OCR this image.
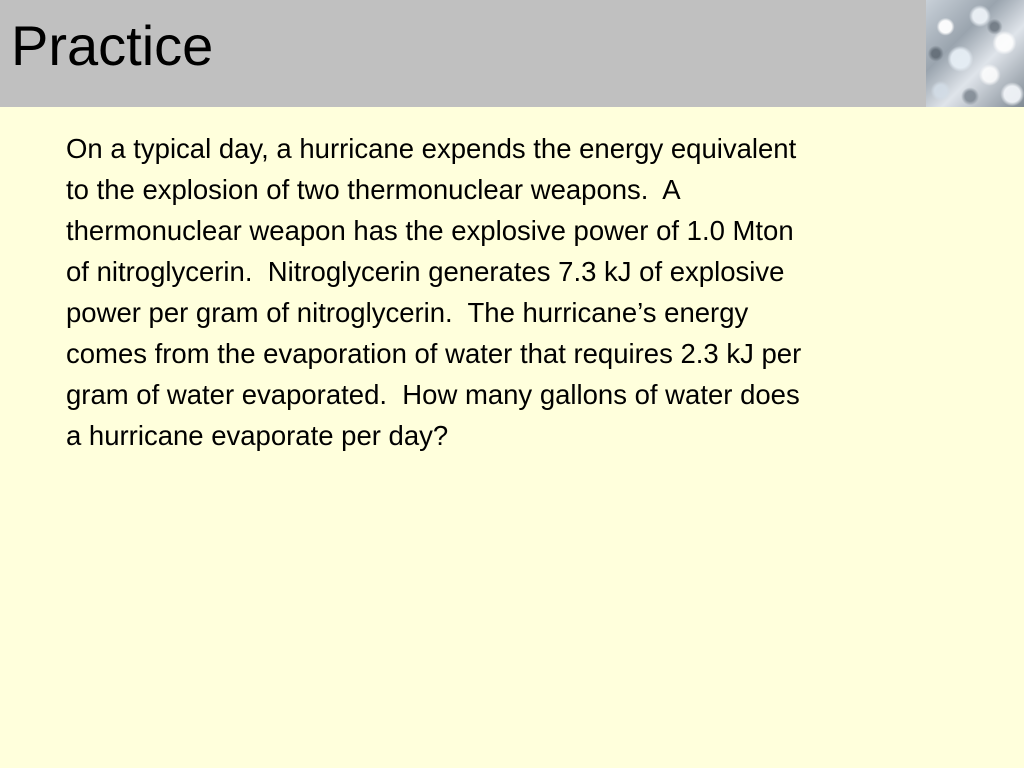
Practice
On a typical day, a hurricane expends the energy equivalent
to the explosion of two thermonuclear weapons.  A
thermonuclear weapon has the explosive power of 1.0 Mton
of nitroglycerin.  Nitroglycerin generates 7.3 kJ of explosive
power per gram of nitroglycerin.  The hurricane’s energy
comes from the evaporation of water that requires 2.3 kJ per
gram of water evaporated.  How many gallons of water does
a hurricane evaporate per day?
